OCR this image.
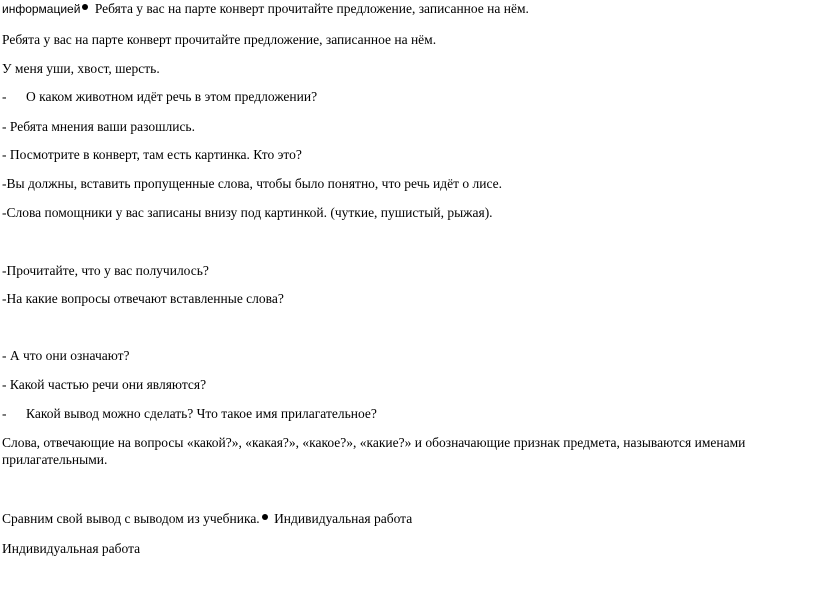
информацией Ребята у вас на парте конверт прочитайте предложение, записанное на нём.
Ребята у вас на парте конверт прочитайте предложение, записанное на нём.
У меня уши, хвост, шерсть.
- О каком животном идёт речь в этом предложении?
- Ребята мнения ваши разошлись.
- Посмотрите в конверт, там есть картинка. Кто это?
-Вы должны, вставить пропущенные слова, чтобы было понятно, что речь идёт о лисе.
-Слова помощники у вас записаны внизу под картинкой. (чуткие, пушистый, рыжая).
-Прочитайте, что у вас получилось?
-На какие вопросы отвечают вставленные слова?
- А что они означают?
- Какой частью речи они являются?
- Какой вывод можно сделать? Что такое имя прилагательное?
Слова, отвечающие на вопросы «какой?», «какая?», «какое?», «какие?» и обозначающие признак предмета, называются именами прилагательными.
Сравним свой вывод с выводом из учебника. Индивидуальная работа
Индивидуальная работа
